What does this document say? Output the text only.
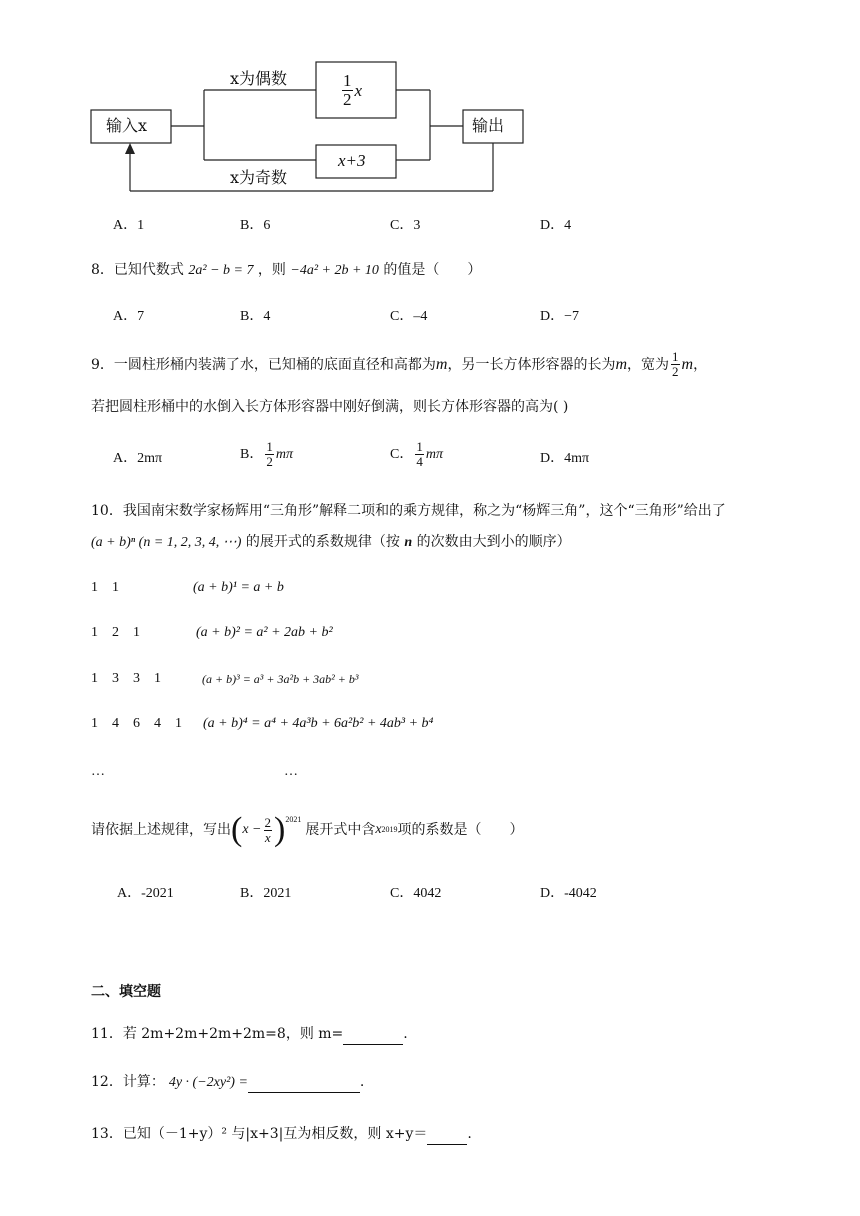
输入x
x为偶数
x为奇数
$\frac{1}{2}$ x
x+3
输出
A．1	B．6	C．3	D．4
8．已知代数式 2a² − b = 7 ，则 −4a² + 2b + 10 的值是（　　）
A．7	B．4	C．–4	D．−7
9．一圆柱形桶内装满了水，已知桶的底面直径和高都为 m ，另一长方体形容器的长为 m ，宽为 $\frac{1}{2}$ m ，
若把圆柱形桶中的水倒入长方体形容器中刚好倒满，则长方体形容器的高为( )
A．2mπ	B． $\frac{1}{2}$ mπ	C． $\frac{1}{4}$ mπ	D．4mπ
10．我国南宋数学家杨辉用“三角形”解释二项和的乘方规律，称之为“杨辉三角”，这个“三角形”给出了
(a + b)ⁿ (n = 1, 2, 3, 4, ⋯) 的展开式的系数规律（按 n 的次数由大到小的顺序）
1　1	(a + b)¹ = a + b
1　2　1	(a + b)² = a² + 2ab + b²
1　3　3　1	(a + b)³ = a³ + 3a²b + 3ab² + b³
1　4　6　4　1 (a + b)⁴ = a⁴ + 4a³b + 6a²b² + 4ab³ + b⁴
…	…
请依据上述规律，写出 ( $x - \frac{2}{x}$ ) 2021
展开式中含 x 2019 项的系数是（　　）
A．-2021	B．2021	C．4042	D．-4042
二、填空题
11．若 2m+2m+2m+2m=8，则 m=
	.
12．计算： 4y · (−2xy²) =
	.
13．已知（－1+y）² 与|x+3|互为相反数，则 x+y＝
	.
